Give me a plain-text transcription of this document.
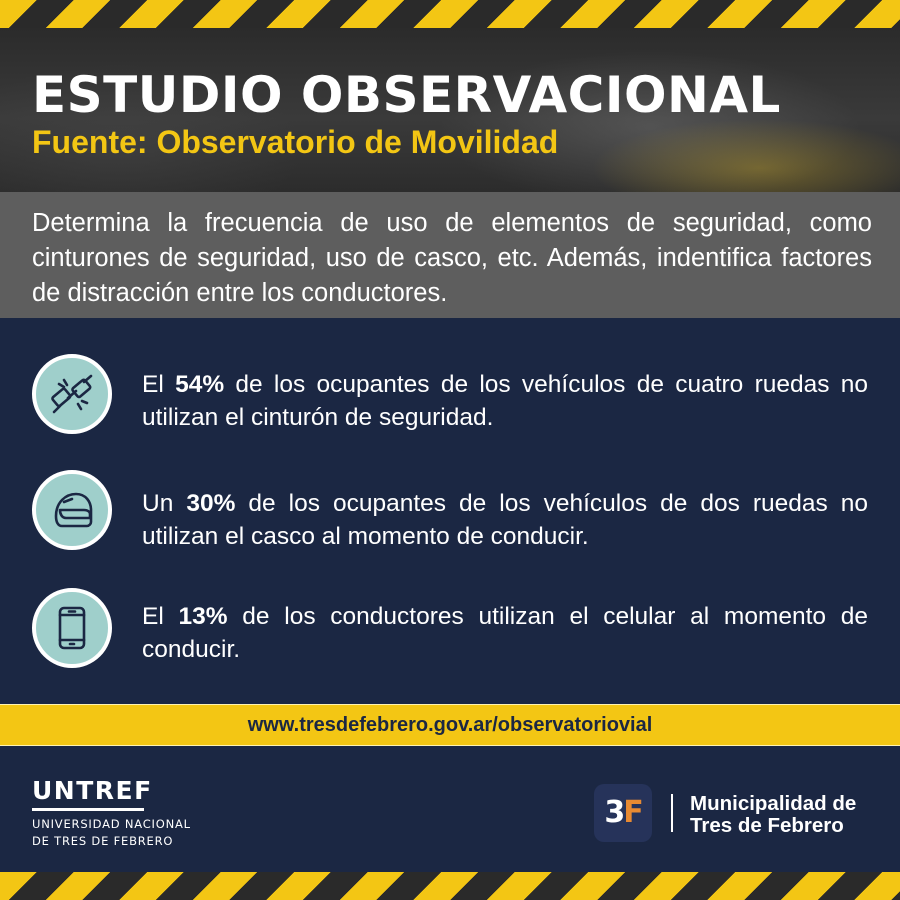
ESTUDIO OBSERVACIONAL
Fuente: Observatorio de Movilidad

Determina la frecuencia de uso de elementos de seguridad, como cinturones de seguridad, uso de casco, etc. Además, indentifica factores de distracción entre los conductores.

El 54% de los ocupantes de los vehículos de cuatro ruedas no utilizan el cinturón de seguridad.

Un 30% de los ocupantes de los vehículos de dos ruedas no utilizan el casco al momento de conducir.

El 13% de los conductores utilizan el celular al momento de conducir.

www.tresdefebrero.gov.ar/observatoriovial
UNTREF
UNIVERSIDAD NACIONAL
DE TRES DE FEBRERO
3F	Municipalidad de
Tres de Febrero
